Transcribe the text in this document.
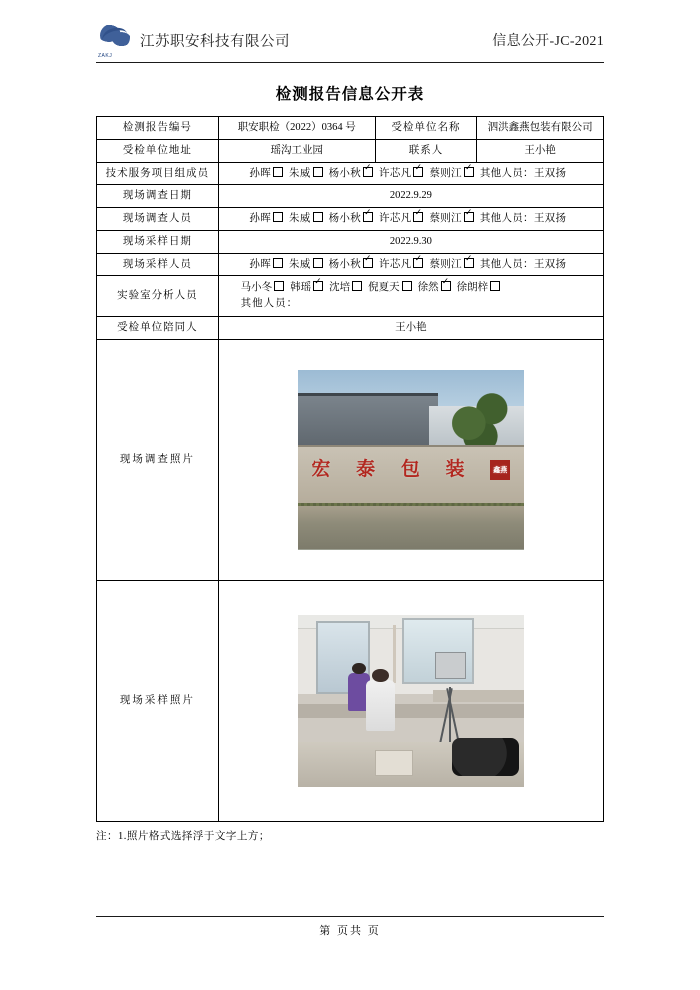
ZAKJ
江苏职安科技有限公司	信息公开-JC-2021
检测报告信息公开表
检测报告编号	职安职检（2022）0364 号	受检单位名称	泗洪鑫燕包装有限公司
受检单位地址	瑶沟工业园	联系人	王小艳
技术服务项目组成员	孙晖 朱威 杨小秋 ✓ 许芯凡 ✓ 蔡则江 ✓ 其他人员：王双扬
现场调查日期	2022.9.29		
现场调查人员	孙晖 朱威 杨小秋 ✓ 许芯凡 ✓ 蔡则江 ✓ 其他人员：王双扬
现场采样日期	2022.9.30		
现场采样人员	孙晖 朱威 杨小秋 ✓ 许芯凡 ✓ 蔡则江 ✓ 其他人员：王双扬
实验室分析人员	马小冬 韩瑶 ✓ 沈培 倪夏天 徐然 ✓ 徐朗梓
其他人员：

受检单位陪同人	王小艳		
现场调查照片	宏 泰 包 装 鑫燕		

现场采样照片			
注：1.照片格式选择浮于文字上方；
第 页共 页
